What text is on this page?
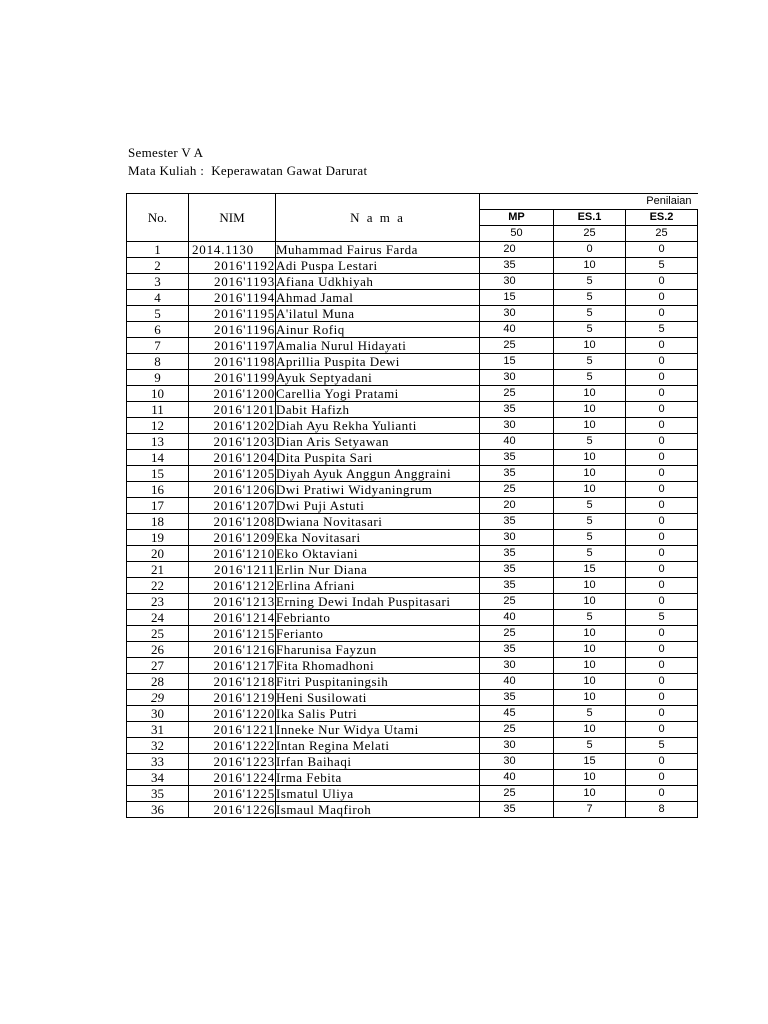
Semester V A
Mata Kuliah : Keperawatan Gawat Darurat
No.	NIM	N a m a	Penilaian		
			MP	ES.1	ES.2
			50	25	25
1	2014.1130	Muhammad Fairus Farda	20	0	0
2	2016'1192	Adi Puspa Lestari	35	10	5
3	2016'1193	Afiana Udkhiyah	30	5	0
4	2016'1194	Ahmad Jamal	15	5	0
5	2016'1195	A'ilatul Muna	30	5	0
6	2016'1196	Ainur Rofiq	40	5	5
7	2016'1197	Amalia Nurul Hidayati	25	10	0
8	2016'1198	Aprillia Puspita Dewi	15	5	0
9	2016'1199	Ayuk Septyadani	30	5	0
10	2016'1200	Carellia Yogi Pratami	25	10	0
11	2016'1201	Dabit Hafizh	35	10	0
12	2016'1202	Diah Ayu Rekha Yulianti	30	10	0
13	2016'1203	Dian Aris Setyawan	40	5	0
14	2016'1204	Dita Puspita Sari	35	10	0
15	2016'1205	Diyah Ayuk Anggun Anggraini	35	10	0
16	2016'1206	Dwi Pratiwi Widyaningrum	25	10	0
17	2016'1207	Dwi Puji Astuti	20	5	0
18	2016'1208	Dwiana Novitasari	35	5	0
19	2016'1209	Eka Novitasari	30	5	0
20	2016'1210	Eko Oktaviani	35	5	0
21	2016'1211	Erlin Nur Diana	35	15	0
22	2016'1212	Erlina Afriani	35	10	0
23	2016'1213	Erning Dewi Indah Puspitasari	25	10	0
24	2016'1214	Febrianto	40	5	5
25	2016'1215	Ferianto	25	10	0
26	2016'1216	Fharunisa Fayzun	35	10	0
27	2016'1217	Fita Rhomadhoni	30	10	0
28	2016'1218	Fitri Puspitaningsih	40	10	0
29	2016'1219	Heni Susilowati	35	10	0
30	2016'1220	Ika Salis Putri	45	5	0
31	2016'1221	Inneke Nur Widya Utami	25	10	0
32	2016'1222	Intan Regina Melati	30	5	5
33	2016'1223	Irfan Baihaqi	30	15	0
34	2016'1224	Irma Febita	40	10	0
35	2016'1225	Ismatul Uliya	25	10	0
36	2016'1226	Ismaul Maqfiroh	35	7	8
